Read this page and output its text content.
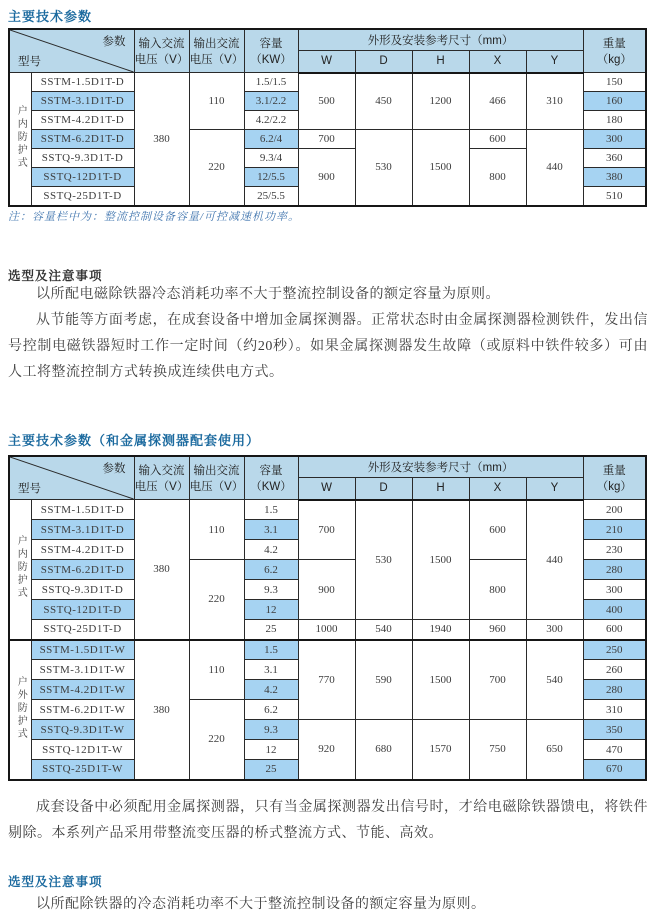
主要技术参数
参数
型号

输入交流
电压（V）

输出交流
电压（V）

容量
（KW）
	外形及安装参考尺寸（mm）	重量
（kg）

					W	D	H	X	Y	
户内防护式	SSTM-1.5D1T-D	380	110	1.5/1.5	500	450	1200	466	310	150
	SSTM-3.1D1T-D			3.1/2.2						160
	SSTM-4.2D1T-D			4.2/2.2						180
	SSTM-6.2D1T-D		220	6.2/4	700	530	1500	600	440	300
	SSTQ-9.3D1T-D			9.3/4	900			800		360
	SSTQ-12D1T-D			12/5.5						380
	SSTQ-25D1T-D			25/5.5						510
注：容量栏中为：整流控制设备容量/可控减速机功率。
选型及注意事项
以所配电磁除铁器冷态消耗功率不大于整流控制设备的额定容量为原则。
从节能等方面考虑，在成套设备中增加金属探测器。正常状态时由金属探测器检测铁件，发出信号控制电磁铁器短时工作一定时间（约20秒）。如果金属探测器发生故障（或原料中铁件较多）可由人工将整流控制方式转换成连续供电方式。
主要技术参数（和金属探测器配套使用）
参数
型号

输入交流
电压（V）

输出交流
电压（V）

容量
（KW）
	外形及安装参考尺寸（mm）	重量
（kg）

					W	D	H	X	Y	
户内防护式	SSTM-1.5D1T-D	380	110	1.5	700	530	1500	600	440	200
	SSTM-3.1D1T-D			3.1						210
	SSTM-4.2D1T-D			4.2						230
	SSTM-6.2D1T-D		220	6.2	900			800		280
	SSTQ-9.3D1T-D			9.3						300
	SSTQ-12D1T-D			12						400
	SSTQ-25D1T-D			25	1000	540	1940	960	300	600
户外防护式	SSTM-1.5D1T-W	380	110	1.5	770	590	1500	700	540	250
	SSTM-3.1D1T-W			3.1						260
	SSTM-4.2D1T-W			4.2						280
	SSTM-6.2D1T-W		220	6.2						310
	SSTQ-9.3D1T-W			9.3	920	680	1570	750	650	350
	SSTQ-12D1T-W			12						470
	SSTQ-25D1T-W			25						670
成套设备中必须配用金属探测器，只有当金属探测器发出信号时，才给电磁除铁器馈电，将铁件剔除。本系列产品采用带整流变压器的桥式整流方式、节能、高效。
选型及注意事项
以所配除铁器的冷态消耗功率不大于整流控制设备的额定容量为原则。
